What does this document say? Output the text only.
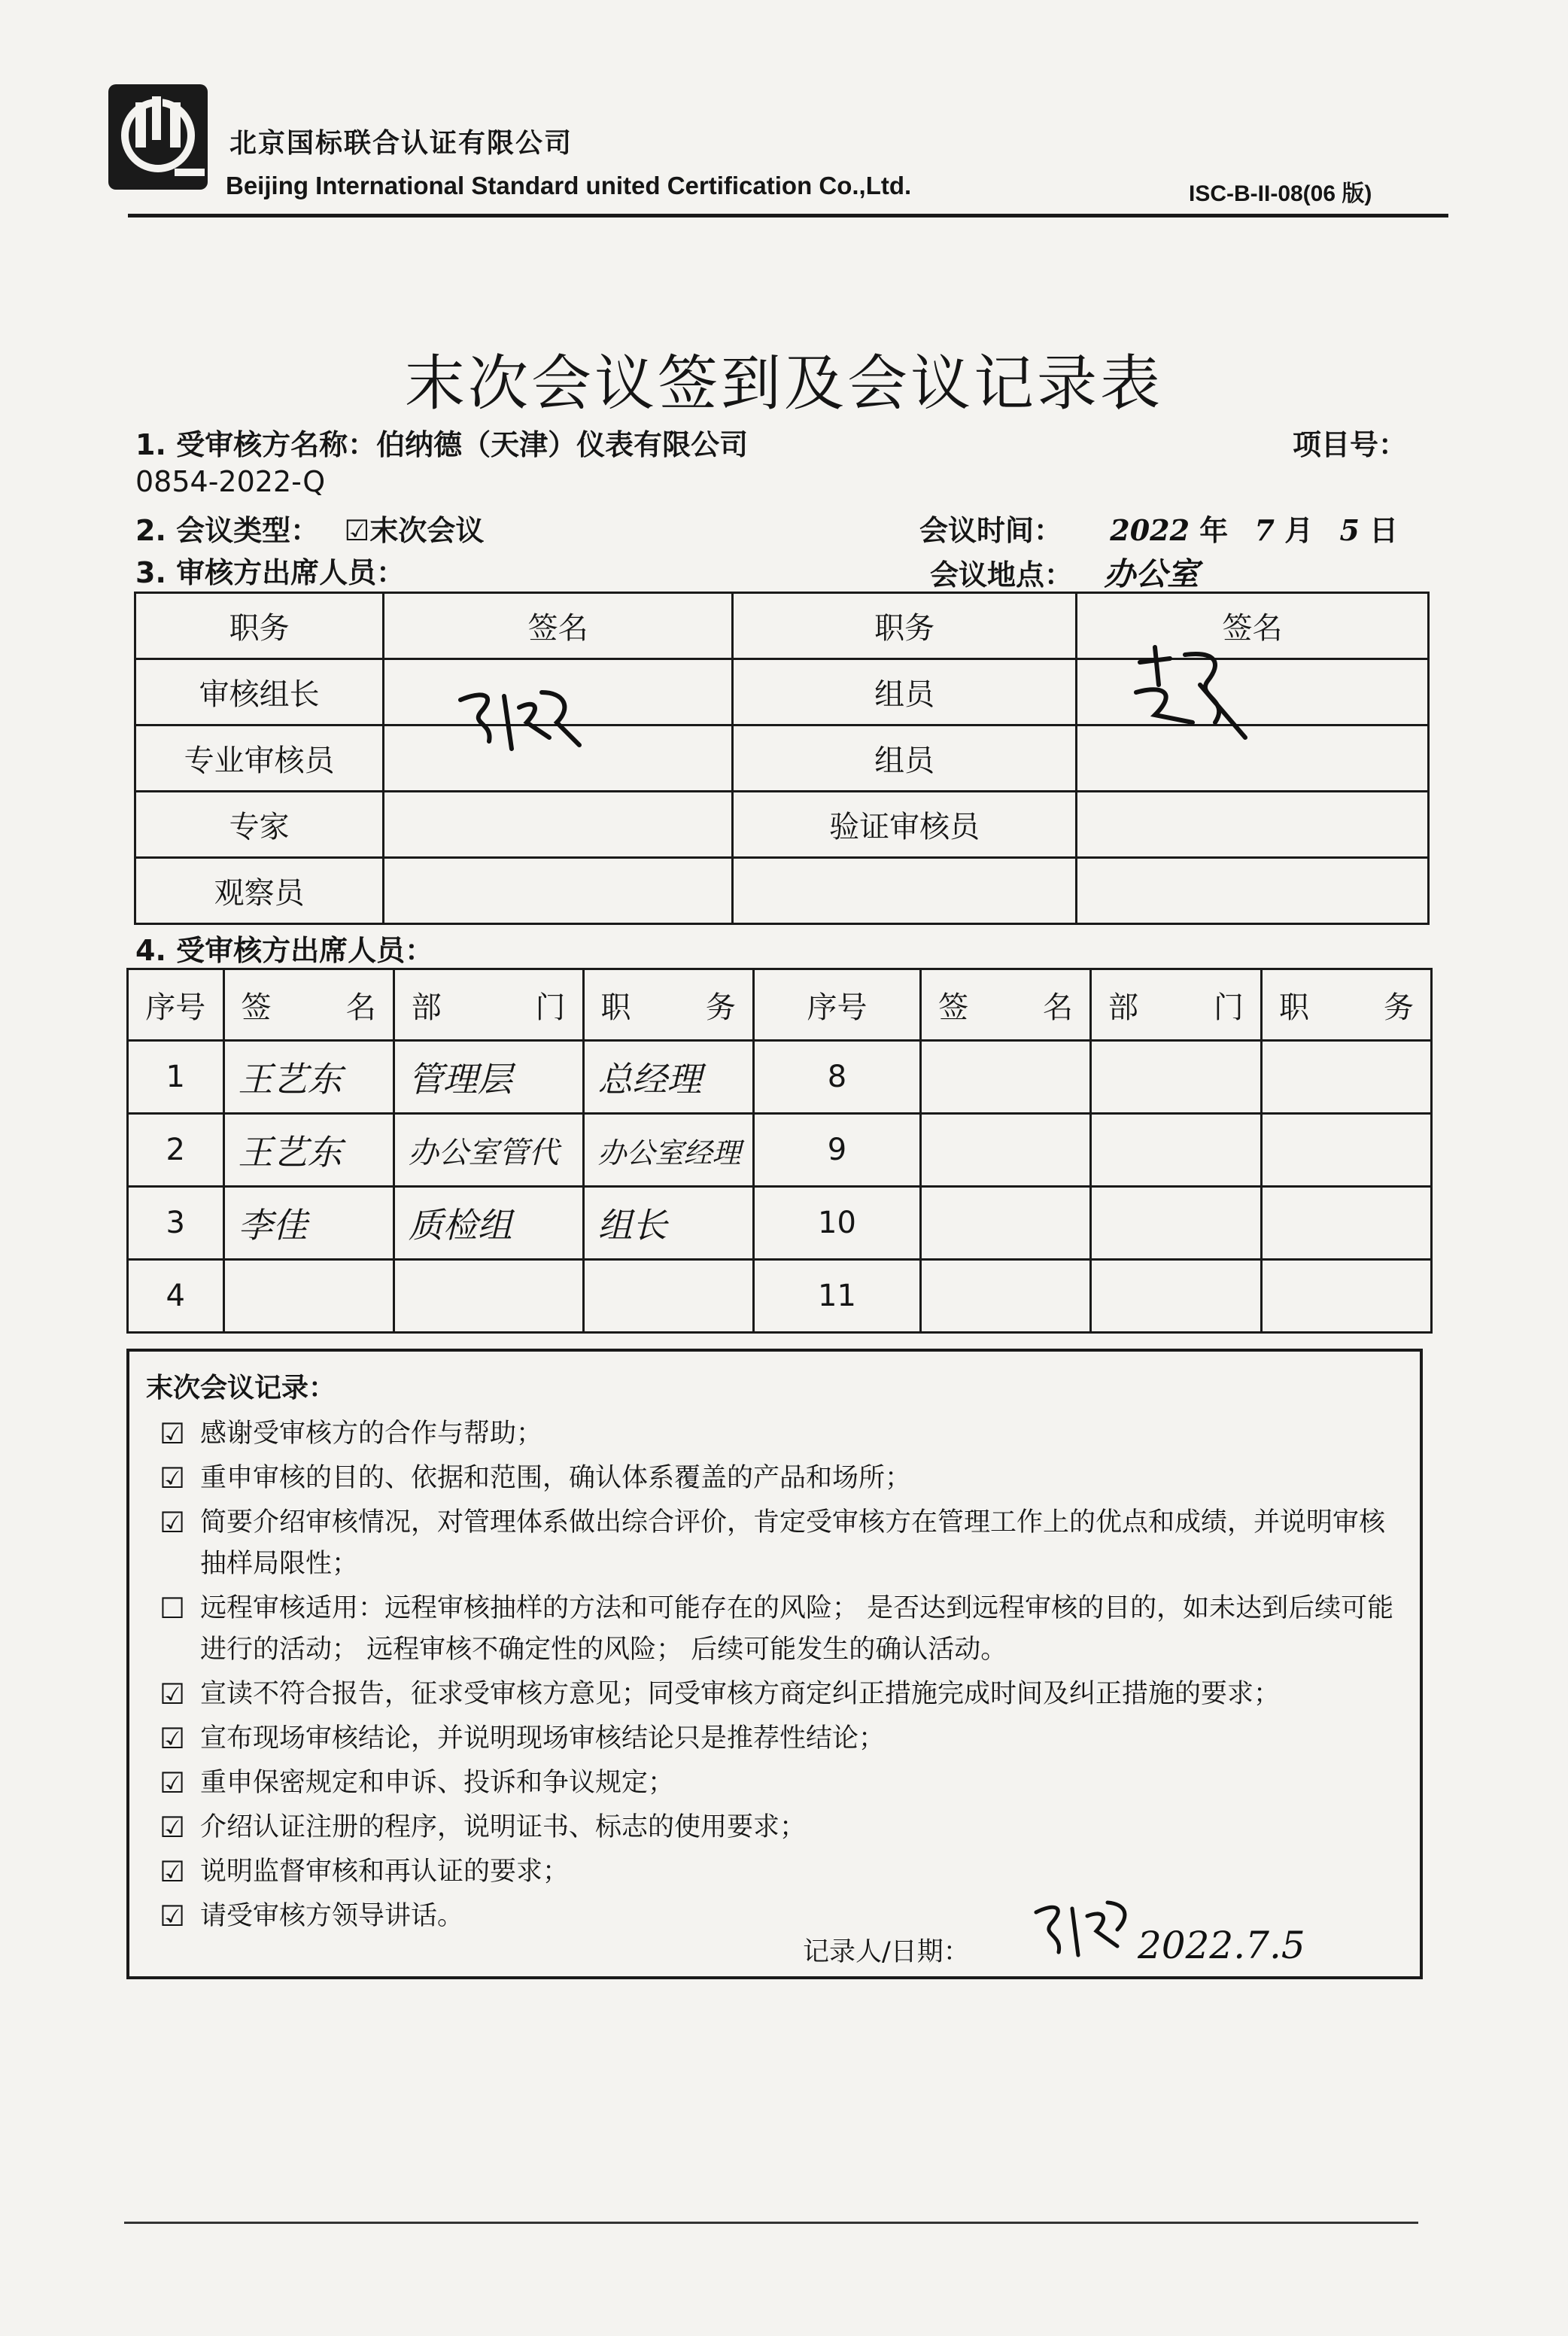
北京国标联合认证有限公司
Beijing International Standard united Certification Co.,Ltd.	ISC-B-II-08(06 版)
末次会议签到及会议记录表
1. 受审核方名称：伯纳德（天津）仪表有限公司	项目号：
0854-2022-Q
2. 会议类型： ☑末次会议	会议时间： 2022 年 7 月 5 日
3. 审核方出席人员：	会议地点： 办公室
职务	签名	职务	签名
审核组长		组员	
专业审核员		组员	
专家		验证审核员	
观察员			
4. 受审核方出席人员：
序号	签 名	部 门	职 务	序号	签 名	部 门	职 务

1	王艺东	管理层	总经理	8			
2	王艺东	办公室管代	办公室经理	9			
3	李佳	质检组	组长	10			
4				11			
末次会议记录：
☑ 感谢受审核方的合作与帮助；
☑ 重申审核的目的、依据和范围，确认体系覆盖的产品和场所；
☑ 简要介绍审核情况，对管理体系做出综合评价，肯定受审核方在管理工作上的优点和成绩，并说明审核抽样局限性；
☐ 远程审核适用：远程审核抽样的方法和可能存在的风险； 是否达到远程审核的目的，如未达到后续可能进行的活动； 远程审核不确定性的风险； 后续可能发生的确认活动。
☑ 宣读不符合报告，征求受审核方意见；同受审核方商定纠正措施完成时间及纠正措施的要求；
☑ 宣布现场审核结论，并说明现场审核结论只是推荐性结论；
☑ 重申保密规定和申诉、投诉和争议规定；
☑ 介绍认证注册的程序，说明证书、标志的使用要求；
☑ 说明监督审核和再认证的要求；
☑ 请受审核方领导讲话。
记录人/日期：	2022.7.5
